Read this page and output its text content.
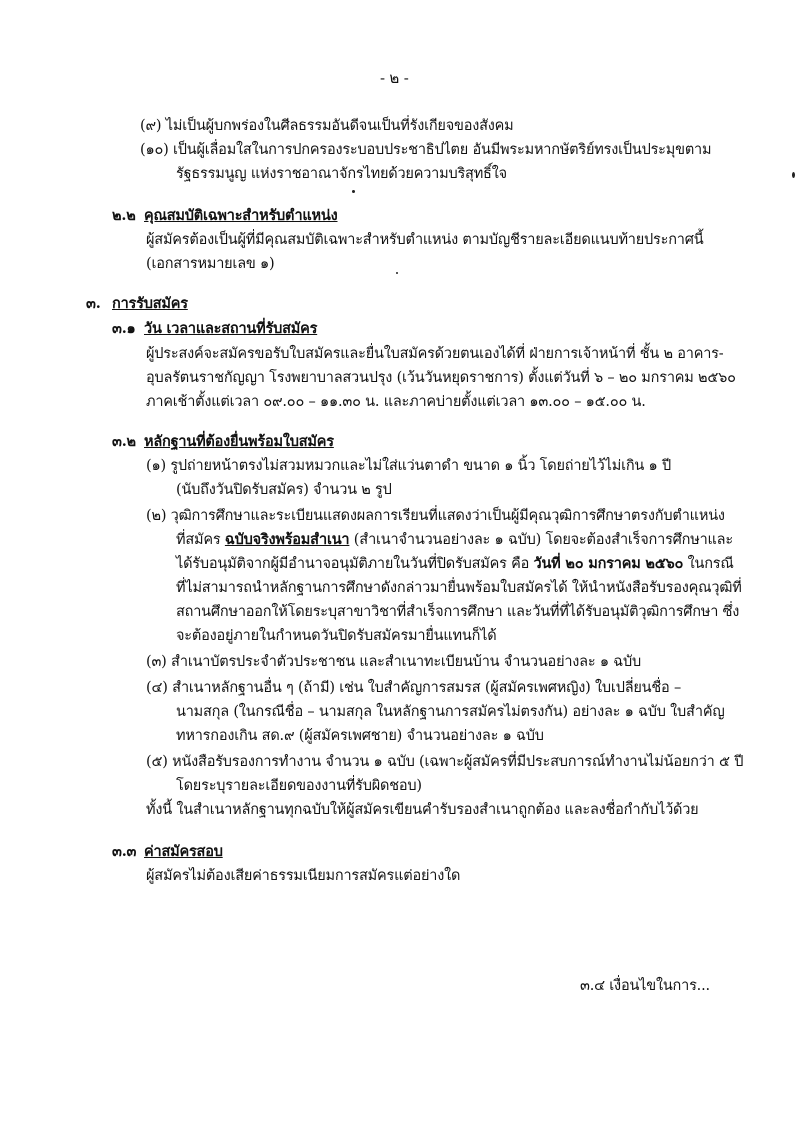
- ๒ -
(๙) ไม่เป็นผู้บกพร่องในศีลธรรมอันดีจนเป็นที่รังเกียจของสังคม
(๑๐) เป็นผู้เลื่อมใสในการปกครองระบอบประชาธิปไตย อันมีพระมหากษัตริย์ทรงเป็นประมุขตาม
รัฐธรรมนูญ แห่งราชอาณาจักรไทยด้วยความบริสุทธิ์ใจ
๒.๒ คุณสมบัติเฉพาะสำหรับตำแหน่ง
ผู้สมัครต้องเป็นผู้ที่มีคุณสมบัติเฉพาะสำหรับตำแหน่ง ตามบัญชีรายละเอียดแนบท้ายประกาศนี้
(เอกสารหมายเลข ๑)
๓. การรับสมัคร
๓.๑ วัน เวลาและสถานที่รับสมัคร
ผู้ประสงค์จะสมัครขอรับใบสมัครและยื่นใบสมัครด้วยตนเองได้ที่ ฝ่ายการเจ้าหน้าที่ ชั้น ๒ อาคาร-
อุบลรัตนราชกัญญา โรงพยาบาลสวนปรุง (เว้นวันหยุดราชการ) ตั้งแต่วันที่ ๖ – ๒๐ มกราคม ๒๕๖๐
ภาคเช้าตั้งแต่เวลา ๐๙.๐๐ – ๑๑.๓๐ น. และภาคบ่ายตั้งแต่เวลา ๑๓.๐๐ – ๑๕.๐๐ น.
๓.๒ หลักฐานที่ต้องยื่นพร้อมใบสมัคร
(๑) รูปถ่ายหน้าตรงไม่สวมหมวกและไม่ใส่แว่นตาดำ ขนาด ๑ นิ้ว โดยถ่ายไว้ไม่เกิน ๑ ปี
(นับถึงวันปิดรับสมัคร) จำนวน ๒ รูป
(๒) วุฒิการศึกษาและระเบียนแสดงผลการเรียนที่แสดงว่าเป็นผู้มีคุณวุฒิการศึกษาตรงกับตำแหน่ง
ที่สมัคร ฉบับจริงพร้อมสำเนา (สำเนาจำนวนอย่างละ ๑ ฉบับ) โดยจะต้องสำเร็จการศึกษาและ
ได้รับอนุมัติจากผู้มีอำนาจอนุมัติภายในวันที่ปิดรับสมัคร คือ วันที่ ๒๐ มกราคม ๒๕๖๐ ในกรณี
ที่ไม่สามารถนำหลักฐานการศึกษาดังกล่าวมายื่นพร้อมใบสมัครได้ ให้นำหนังสือรับรองคุณวุฒิที่
สถานศึกษาออกให้โดยระบุสาขาวิชาที่สำเร็จการศึกษา และวันที่ที่ได้รับอนุมัติวุฒิการศึกษา ซึ่ง
จะต้องอยู่ภายในกำหนดวันปิดรับสมัครมายื่นแทนก็ได้
(๓) สำเนาบัตรประจำตัวประชาชน และสำเนาทะเบียนบ้าน จำนวนอย่างละ ๑ ฉบับ
(๔) สำเนาหลักฐานอื่น ๆ (ถ้ามี) เช่น ใบสำคัญการสมรส (ผู้สมัครเพศหญิง) ใบเปลี่ยนชื่อ –
นามสกุล (ในกรณีชื่อ – นามสกุล ในหลักฐานการสมัครไม่ตรงกัน) อย่างละ ๑ ฉบับ ใบสำคัญ
ทหารกองเกิน สด.๙ (ผู้สมัครเพศชาย) จำนวนอย่างละ ๑ ฉบับ
(๕) หนังสือรับรองการทำงาน จำนวน ๑ ฉบับ (เฉพาะผู้สมัครที่มีประสบการณ์ทำงานไม่น้อยกว่า ๕ ปี
โดยระบุรายละเอียดของงานที่รับผิดชอบ)
ทั้งนี้ ในสำเนาหลักฐานทุกฉบับให้ผู้สมัครเขียนคำรับรองสำเนาถูกต้อง และลงชื่อกำกับไว้ด้วย
๓.๓ ค่าสมัครสอบ
ผู้สมัครไม่ต้องเสียค่าธรรมเนียมการสมัครแต่อย่างใด
๓.๔ เงื่อนไขในการ...
